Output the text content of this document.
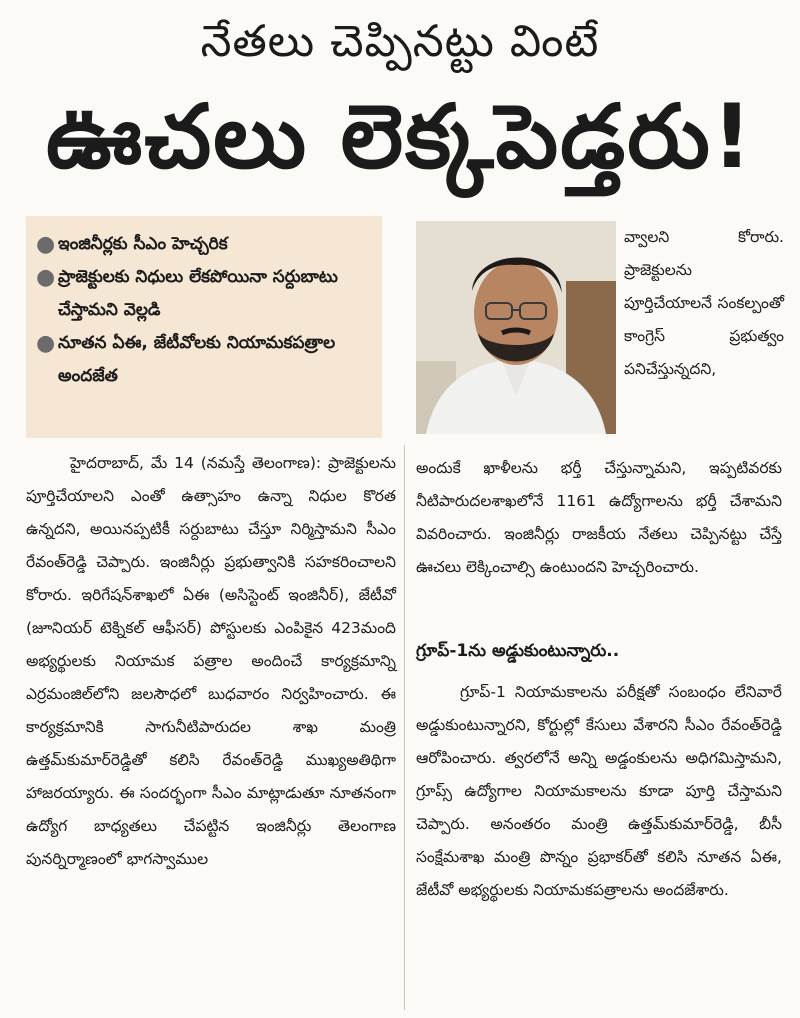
నేతలు చెప్పినట్టు వింటే
ఊచలు లెక్కపెడ్తరు!
● ఇంజినీర్లకు సీఎం హెచ్చరిక
● ప్రాజెక్టులకు నిధులు లేకపోయినా సర్దుబాటు చేస్తామని వెల్లడి
● నూతన ఏఈ, జేటీవోలకు నియామకపత్రాల అందజేత

వ్వాలని కోరారు. ప్రాజెక్టులను పూర్తిచేయాలనే సంకల్పంతో కాంగ్రెస్‌ ప్రభుత్వం పనిచేస్తున్నదని,

హైదరాబాద్‌, మే 14 (నమస్తే తెలంగాణ): ప్రాజెక్టులను పూర్తిచేయాలని ఎంతో ఉత్సాహం ఉన్నా నిధుల కొరత ఉన్నదని, అయినప్పటికీ సర్దుబాటు చేస్తూ నిర్మిస్తామని సీఎం రేవంత్‌రెడ్డి చెప్పారు. ఇంజినీర్లు ప్రభుత్వానికి సహకరించాలని కోరారు. ఇరిగేషన్‌శాఖలో ఏఈ (అసిస్టెంట్‌ ఇంజినీర్‌), జేటీవో (జూనియర్‌ టెక్నికల్‌ ఆఫీసర్‌) పోస్టులకు ఎంపికైన 423మంది అభ్యర్థులకు నియామక పత్రాల అందించే కార్యక్రమాన్ని ఎర్రమంజిల్‌లోని జలసౌధలో బుధవారం నిర్వహించారు. ఈ కార్యక్రమానికి సాగునీటిపారుదల శాఖ మంత్రి ఉత్తమ్‌కుమార్‌రెడ్డితో కలిసి రేవంత్‌రెడ్డి ముఖ్యఅతిథిగా హాజరయ్యారు. ఈ సందర్భంగా సీఎం మాట్లాడుతూ నూతనంగా ఉద్యోగ బాధ్యతలు చేపట్టిన ఇంజినీర్లు తెలంగాణ పునర్నిర్మాణంలో భాగస్వాముల

అందుకే ఖాళీలను భర్తీ చేస్తున్నామని, ఇప్పటివరకు నీటిపారుదలశాఖలోనే 1161 ఉద్యోగాలను భర్తీ చేశామని వివరించారు. ఇంజినీర్లు రాజకీయ నేతలు చెప్పినట్టు చేస్తే ఊచలు లెక్కించాల్సి ఉంటుందని హెచ్చరించారు.

గ్రూప్‌-1ను అడ్డుకుంటున్నారు..

గ్రూప్‌-1 నియామకాలను పరీక్షతో సంబంధం లేనివారే అడ్డుకుంటున్నారని, కోర్టుల్లో కేసులు వేశారని సీఎం రేవంత్‌రెడ్డి ఆరోపించారు. త్వరలోనే అన్ని అడ్డంకులను అధిగమిస్తామని, గ్రూప్స్‌ ఉద్యోగాల నియామకాలను కూడా పూర్తి చేస్తామని చెప్పారు. అనంతరం మంత్రి ఉత్తమ్‌కుమార్‌రెడ్డి, బీసీ సంక్షేమశాఖ మంత్రి పొన్నం ప్రభాకర్‌తో కలిసి నూతన ఏఈ, జేటీవో అభ్యర్థులకు నియామకపత్రాలను అందజేశారు.
